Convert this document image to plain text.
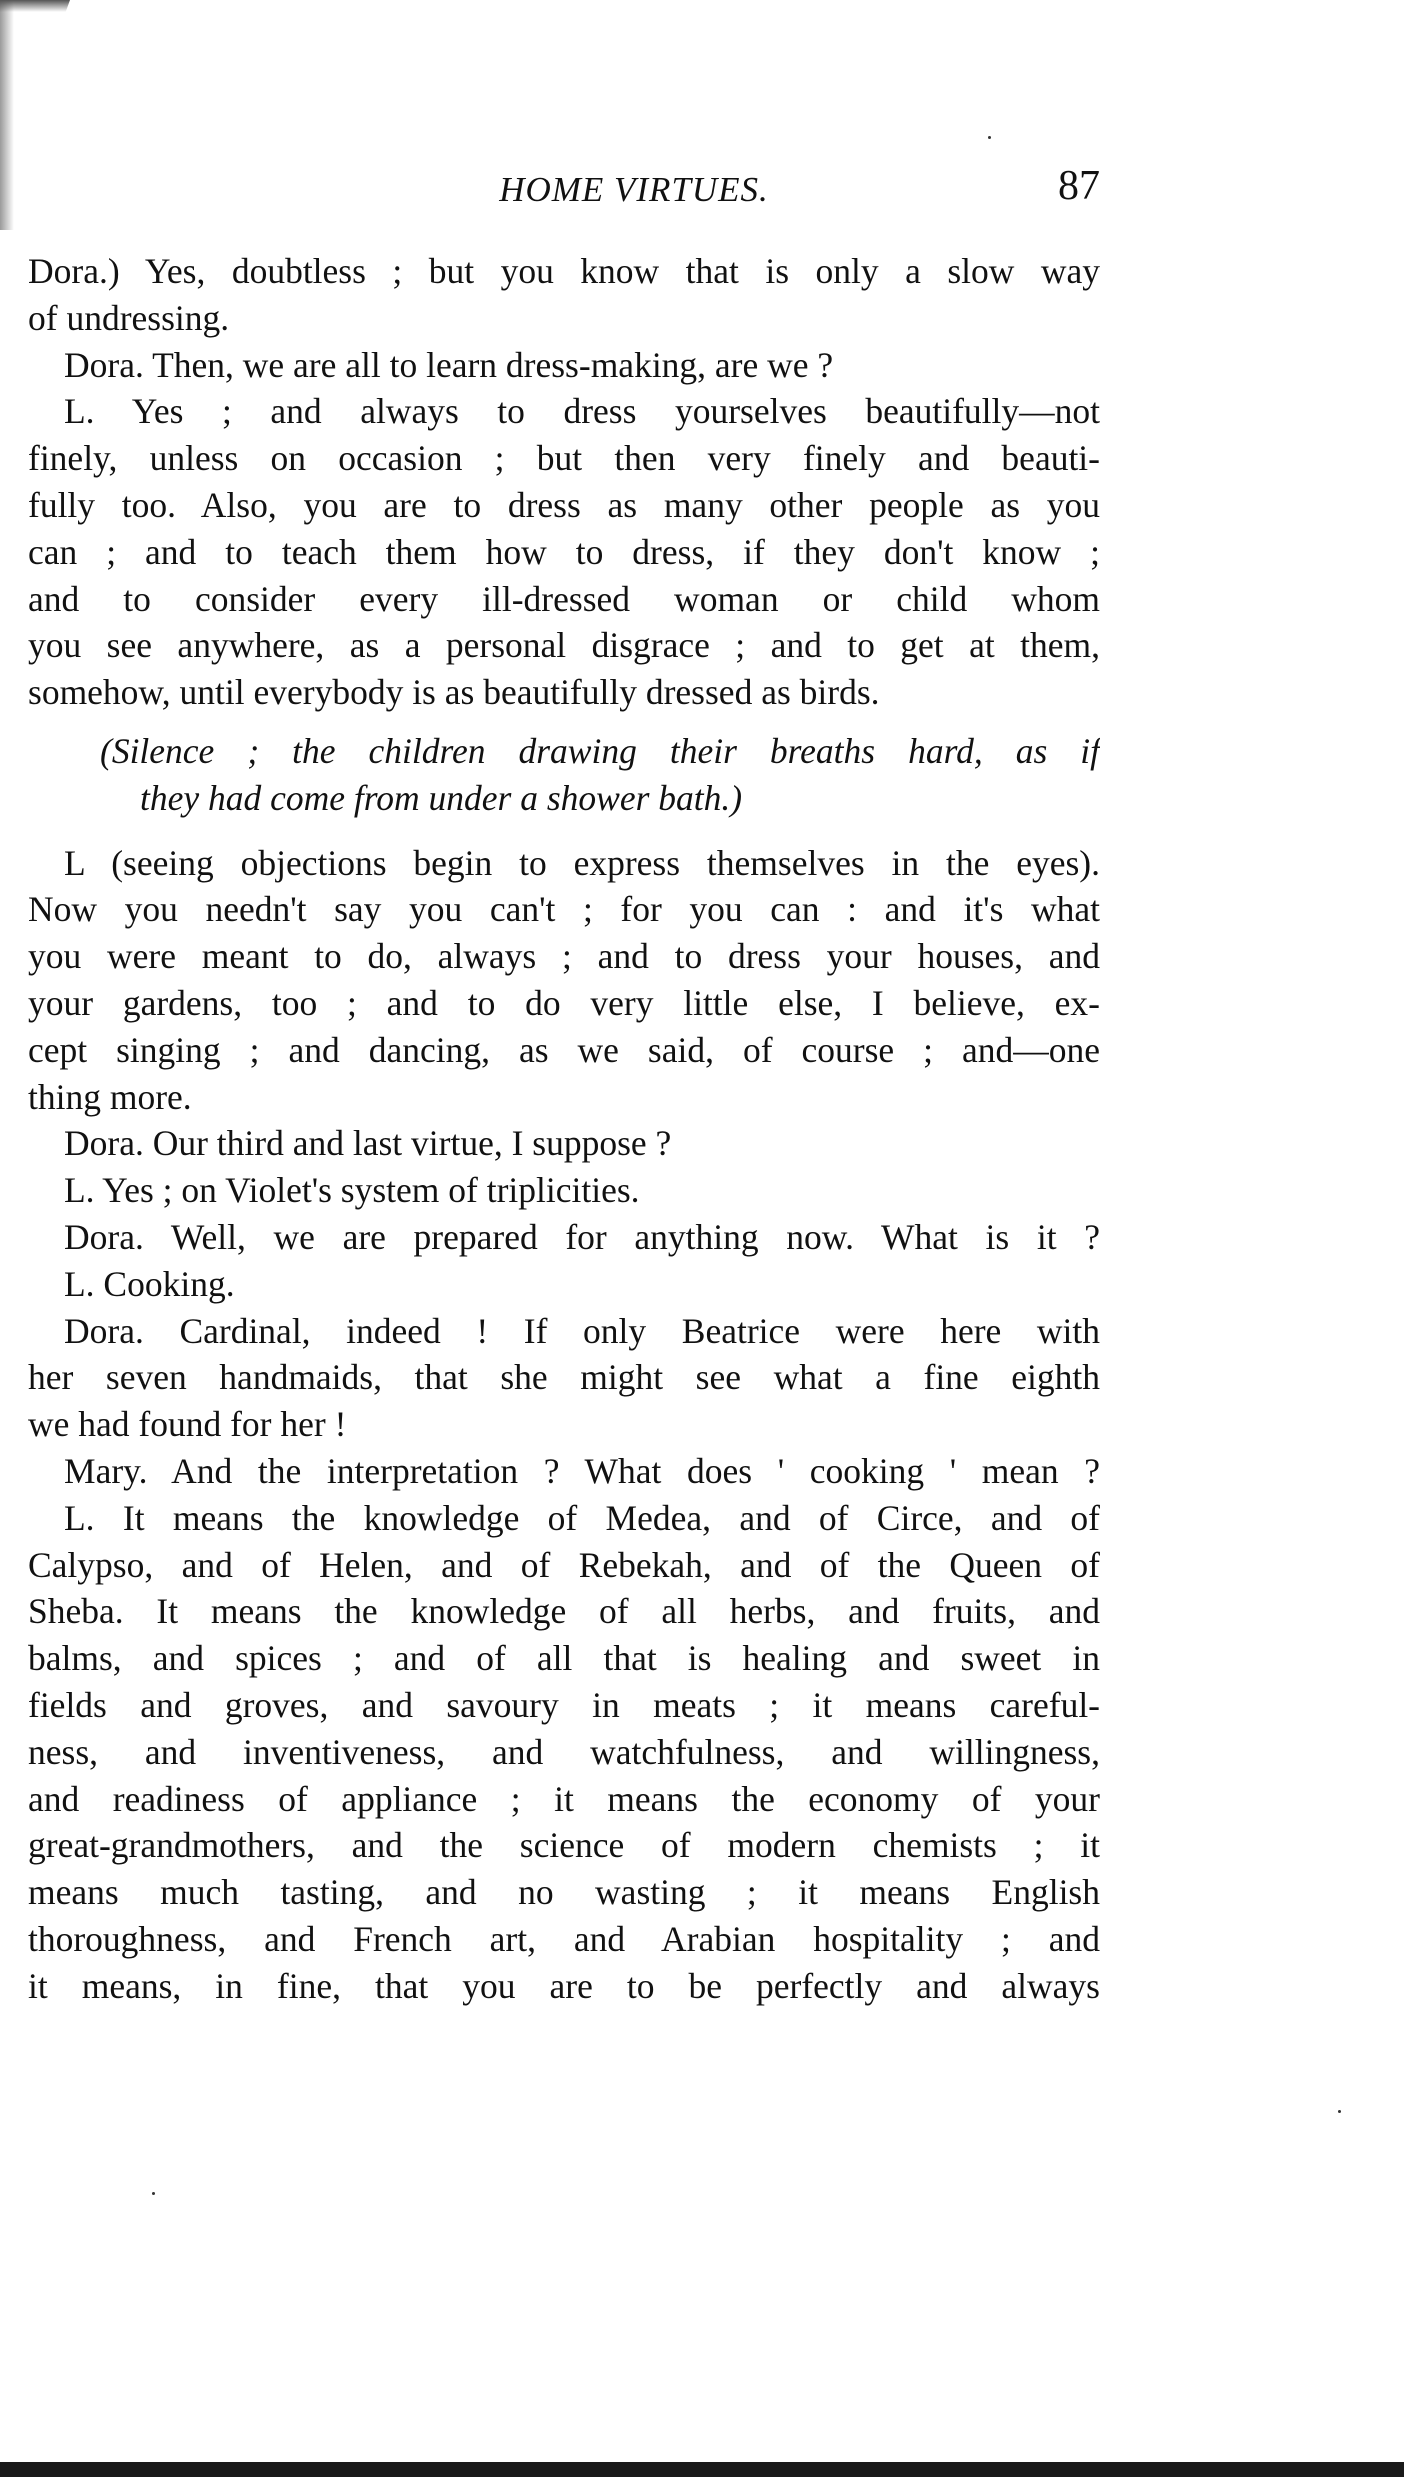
HOME VIRTUES.	87
Dora.) Yes, doubtless ; but you know that is only a slow way
of undressing.
Dora. Then, we are all to learn dress-making, are we ?
L. Yes ; and always to dress yourselves beautifully—not
finely, unless on occasion ; but then very finely and beauti-
fully too. Also, you are to dress as many other people as you
can ; and to teach them how to dress, if they don't know ;
and to consider every ill-dressed woman or child whom
you see anywhere, as a personal disgrace ; and to get at them,
somehow, until everybody is as beautifully dressed as birds.
(Silence ; the children drawing their breaths hard, as if
they had come from under a shower bath.)
L (seeing objections begin to express themselves in the eyes).
Now you needn't say you can't ; for you can : and it's what
you were meant to do, always ; and to dress your houses, and
your gardens, too ; and to do very little else, I believe, ex-
cept singing ; and dancing, as we said, of course ; and—one
thing more.
Dora. Our third and last virtue, I suppose ?
L. Yes ; on Violet's system of triplicities.
Dora. Well, we are prepared for anything now. What is it ?
L. Cooking.
Dora. Cardinal, indeed ! If only Beatrice were here with
her seven handmaids, that she might see what a fine eighth
we had found for her !
Mary. And the interpretation ? What does ' cooking ' mean ?
L. It means the knowledge of Medea, and of Circe, and of
Calypso, and of Helen, and of Rebekah, and of the Queen of
Sheba. It means the knowledge of all herbs, and fruits, and
balms, and spices ; and of all that is healing and sweet in
fields and groves, and savoury in meats ; it means careful-
ness, and inventiveness, and watchfulness, and willingness,
and readiness of appliance ; it means the economy of your
great-grandmothers, and the science of modern chemists ; it
means much tasting, and no wasting ; it means English
thoroughness, and French art, and Arabian hospitality ; and
it means, in fine, that you are to be perfectly and always
